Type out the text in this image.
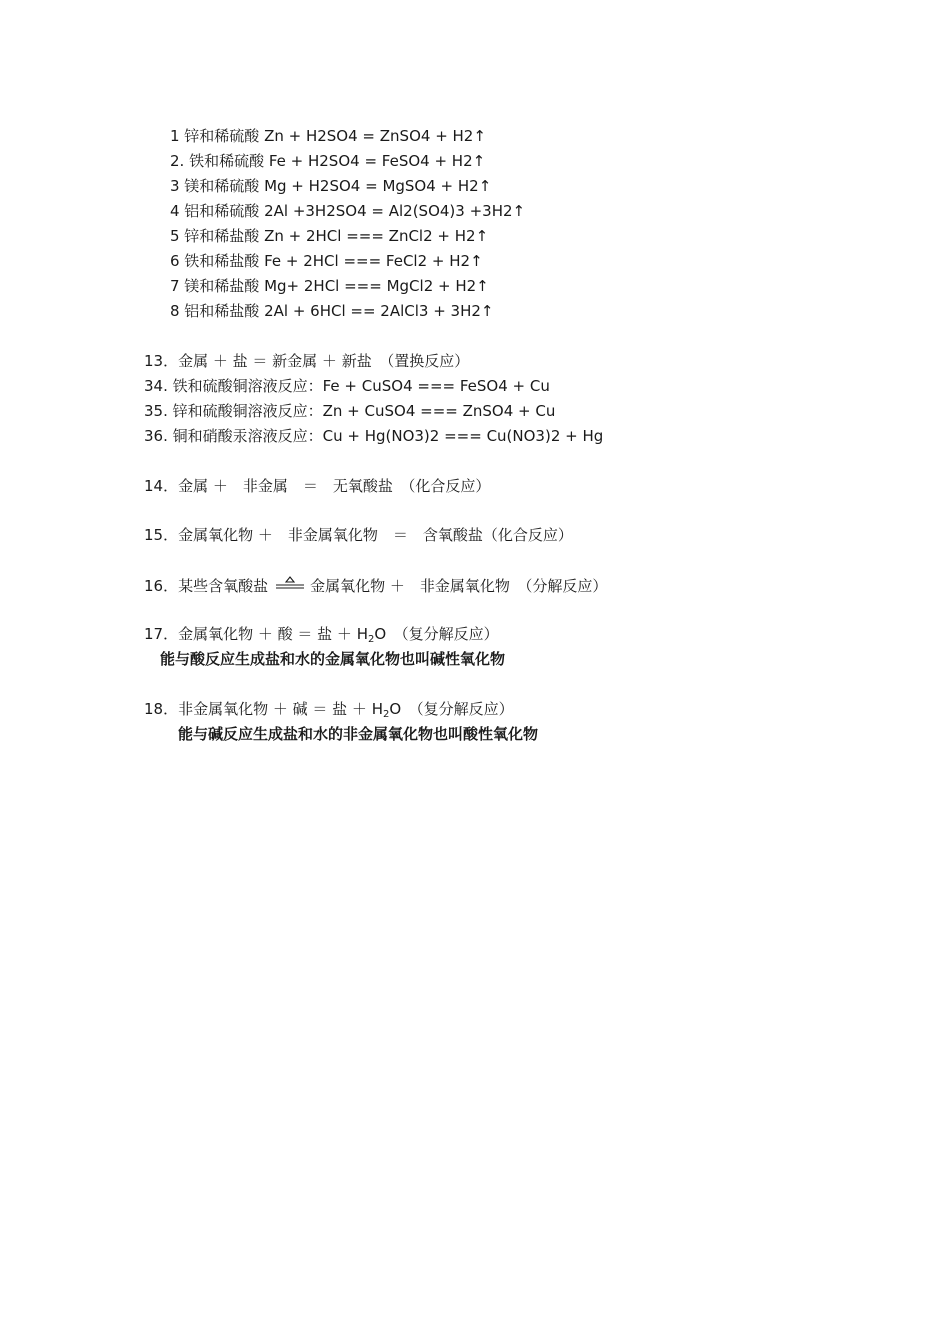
1 锌和稀硫酸 Zn + H2SO4 = ZnSO4 + H2↑
2. 铁和稀硫酸 Fe + H2SO4 = FeSO4 + H2↑
3 镁和稀硫酸 Mg + H2SO4 = MgSO4 + H2↑
4 铝和稀硫酸 2Al +3H2SO4 = Al2(SO4)3 +3H2↑
5 锌和稀盐酸 Zn + 2HCl === ZnCl2 + H2↑
6 铁和稀盐酸 Fe + 2HCl === FeCl2 + H2↑
7 镁和稀盐酸 Mg+ 2HCl === MgCl2 + H2↑
8 铝和稀盐酸 2Al + 6HCl == 2AlCl3 + 3H2↑
13．金属 ＋ 盐 ＝ 新金属 ＋ 新盐　（置换反应）
34. 铁和硫酸铜溶液反应：Fe + CuSO4 === FeSO4 + Cu
35. 锌和硫酸铜溶液反应：Zn + CuSO4 === ZnSO4 + Cu
36. 铜和硝酸汞溶液反应：Cu + Hg(NO3)2 === Cu(NO3)2 + Hg
14．金属 ＋　非金属　＝　无氧酸盐　（化合反应）
15．金属氧化物 ＋　非金属氧化物　＝　含氧酸盐（化合反应）
16．某些含氧酸盐	金属氧化物 ＋　非金属氧化物　（分解反应）
17．金属氧化物 ＋ 酸 ＝ 盐 ＋ $H_2O$　（复分解反应）
能与酸反应生成盐和水的金属氧化物也叫碱性氧化物
18．非金属氧化物 ＋ 碱 ＝ 盐 ＋ $H_2O$　（复分解反应）
能与碱反应生成盐和水的非金属氧化物也叫酸性氧化物
